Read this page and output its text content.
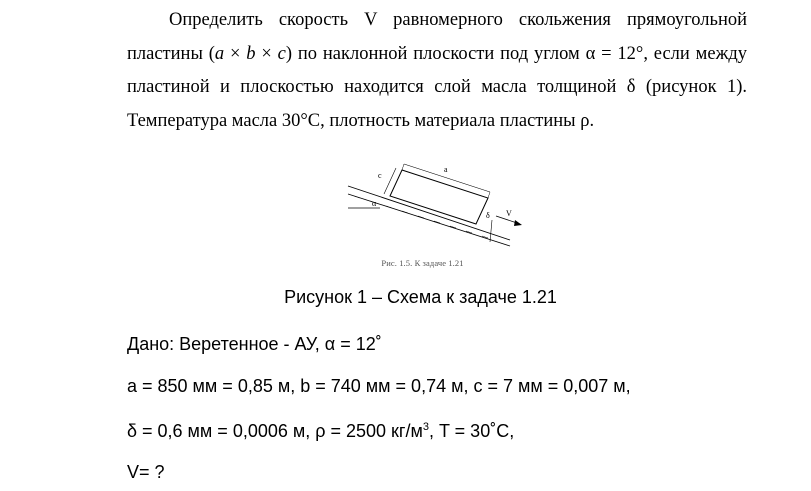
Определить скорость V равномерного скольжения прямоугольной пластины (a × b × c) по наклонной плоскости под углом α = 12°, если между пластиной и плоскостью находится слой масла толщиной δ (рисунок 1). Температура масла 30°С, плотность материала пластины ρ.

a
c
α
δ V
Рис. 1.5. К задаче 1.21
Рисунок 1 – Схема к задаче 1.21
Дано: Веретенное - АУ, α = 12˚
a = 850 мм = 0,85 м, b = 740 мм = 0,74 м, c = 7 мм = 0,007 м,
δ = 0,6 мм = 0,0006 м, ρ = 2500 $кг/м^3$, T = 30˚С,
V= ?
